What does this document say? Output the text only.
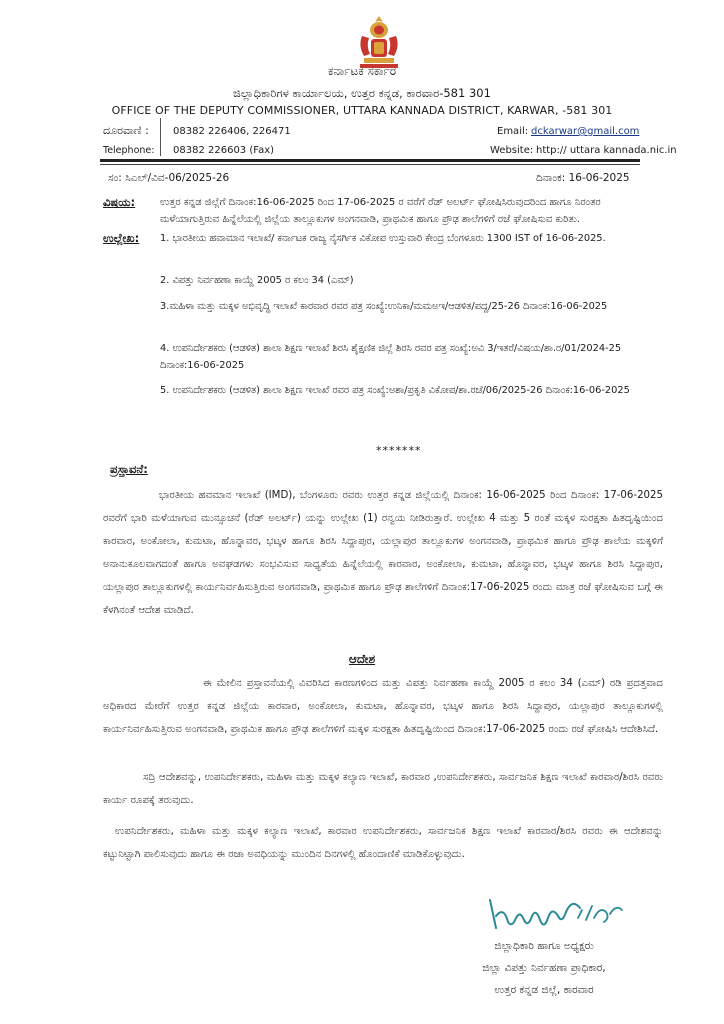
ಕರ್ನಾಟಕ ಸರ್ಕಾರ
ಜಿಲ್ಲಾಧಿಕಾರಿಗಳ ಕಾರ್ಯಾಲಯ, ಉತ್ತರ ಕನ್ನಡ, ಕಾರವಾರ-581 301
OFFICE OF THE DEPUTY COMMISSIONER, UTTARA KANNADA DISTRICT, KARWAR, -581 301
ದೂರವಾಣಿ :
Telephone:
08382 226406, 226471
08382 226603 (Fax)
Email: dckarwar@gmail.com
Website: http:// uttara kannada.nic.in
ಸಂ: ಸಿಎಲ್/ವಿವ-06/2025-26	ದಿನಾಂಕ: 16-06-2025
ವಿಷಯ: ಉತ್ತರ ಕನ್ನಡ ಜಿಲ್ಲೆಗೆ ದಿನಾಂಕ:16-06-2025 ರಿಂದ 17-06-2025 ರ ವರೆಗೆ ರೆಡ್ ಅಲರ್ಟ್ ಘೋಷಿಸಿರುವುದರಿಂದ ಹಾಗೂ ನಿರಂತರ ಮಳೆಯಾಗುತ್ತಿರುವ ಹಿನ್ನೆಲೆಯಲ್ಲಿ ಜಿಲ್ಲೆಯ ತಾಲ್ಲೂಕುಗಳ ಅಂಗನವಾಡಿ, ಪ್ರಾಥಮಿಕ ಹಾಗೂ ಪ್ರೌಢ ಶಾಲೆಗಳಿಗೆ ರಜೆ ಘೋಷಿಸುವ ಕುರಿತು.
ಉಲ್ಲೇಖ: 1. ಭಾರತೀಯ ಹವಾಮಾನ ಇಲಾಖೆ/ ಕರ್ನಾಟಕ ರಾಜ್ಯ ನೈಸರ್ಗಿಕ ವಿಕೋಪ ಉಸ್ತುವಾರಿ ಕೇಂದ್ರ ಬೆಂಗಳೂರು 1300 IST of 16-06-2025.
2. ವಿಪತ್ತು ನಿರ್ವಹಣಾ ಕಾಯ್ದೆ 2005 ರ ಕಲಂ 34 (ಎಮ್)
3.ಮಹಿಳಾ ಮತ್ತು ಮಕ್ಕಳ ಅಭಿವೃದ್ಧಿ ಇಲಾಖೆ ಕಾರವಾರ ರವರ ಪತ್ರ ಸಂಖ್ಯೆ:ಉನಿಕಾ/ಮಮಅಇ/ಆಡಳಿತ/ಪದ್ದ/25-26 ದಿನಾಂಕ:16-06-2025
4. ಉಪನಿರ್ದೇಶಕರು (ಆಡಳಿತ) ಶಾಲಾ ಶಿಕ್ಷಣ ಇಲಾಖೆ ಶಿರಸಿ ಶೈಕ್ಷಣಿಕ ಜಿಲ್ಲೆ ಶಿರಸಿ ರವರ ಪತ್ರ ಸಂಖ್ಯೆ:ಅವಿ 3/ಇತರೆ/ವಿಷಯ/ಶಾ.ರ/01/2024-25 ದಿನಾಂಕ:16-06-2025
5. ಉಪನಿರ್ದೇಶಕರು (ಆಡಳಿತ) ಶಾಲಾ ಶಿಕ್ಷಣ ಇಲಾಖೆ ರವರ ಪತ್ರ ಸಂಖ್ಯೆ:ಅಶಾ/ಪ್ರಕೃತಿ ವಿಕೋಪ/ಶಾ.ರಜೆ/06/2025-26 ದಿನಾಂಕ:16-06-2025
*******
ಪ್ರಸ್ತಾವನೆ:
ಭಾರತೀಯ ಹವಮಾನ ಇಲಾಖೆ (IMD), ಬೆಂಗಳೂರು ರವರು ಉತ್ತರ ಕನ್ನಡ ಜಿಲ್ಲೆಯಲ್ಲಿ ದಿನಾಂಕ: 16-06-2025 ರಿಂದ ದಿನಾಂಕ: 17-06-2025 ರವರೆಗೆ ಭಾರಿ ಮಳೆಯಾಗುವ ಮುನ್ಸೂಚನೆ (ರೆಡ್ ಅಲರ್ಟ್) ಯನ್ನು ಉಲ್ಲೇಖ (1) ರನ್ವಯ ನೀಡಿರುತ್ತಾರೆ. ಉಲ್ಲೇಖ 4 ಮತ್ತು 5 ರಂತೆ ಮಕ್ಕಳ ಸುರಕ್ಷತಾ ಹಿತದೃಷ್ಟಿಯಿಂದ ಕಾರವಾರ, ಅಂಕೋಲಾ, ಕುಮಟಾ, ಹೊನ್ನಾವರ, ಭಟ್ಕಳ ಹಾಗೂ ಶಿರಸಿ ಸಿದ್ದಾಪುರ, ಯಲ್ಲಾಪುರ ತಾಲ್ಲೂಕುಗಳ ಅಂಗನವಾಡಿ, ಪ್ರಾಥಮಿಕ ಹಾಗೂ ಪ್ರೌಢ ಶಾಲೆಯ ಮಕ್ಕಳಿಗೆ ಅನಾನುಕೂಲವಾಗದಂತೆ ಹಾಗೂ ಅವಘಡಗಳು ಸಂಭವಿಸುವ ಸಾಧ್ಯತೆಯ ಹಿನ್ನೆಲೆಯಲ್ಲಿ ಕಾರವಾರ, ಅಂಕೋಲಾ, ಕುಮಟಾ, ಹೊನ್ನಾವರ, ಭಟ್ಕಳ ಹಾಗೂ ಶಿರಸಿ ಸಿದ್ದಾಪುರ, ಯಲ್ಲಾಪುರ ತಾಲ್ಲೂಕುಗಳಲ್ಲಿ ಕಾರ್ಯನಿರ್ವಹಿಸುತ್ತಿರುವ ಅಂಗನವಾಡಿ, ಪ್ರಾಥಮಿಕ ಹಾಗೂ ಪ್ರೌಢ ಶಾಲೆಗಳಿಗೆ ದಿನಾಂಕ:17-06-2025 ರಂದು ಮಾತ್ರ ರಜೆ ಘೋಷಿಸುವ ಬಗ್ಗೆ ಈ ಕೆಳಗಿನಂತೆ ಆದೇಶ ಮಾಡಿದೆ.
ಆದೇಶ
ಈ ಮೇಲಿನ ಪ್ರಸ್ತಾವನೆಯಲ್ಲಿ ವಿವರಿಸಿದ ಕಾರಣಗಳಿಂದ ಮತ್ತು ವಿಪತ್ತು ನಿರ್ವಹಣಾ ಕಾಯ್ದೆ 2005 ರ ಕಲಂ 34 (ಎಮ್) ರಡಿ ಪ್ರದತ್ತವಾದ ಅಧಿಕಾರದ ಮೇರೆಗೆ ಉತ್ತರ ಕನ್ನಡ ಜಿಲ್ಲೆಯ ಕಾರವಾರ, ಅಂಕೋಲಾ, ಕುಮಟಾ, ಹೊನ್ನಾವರ, ಭಟ್ಕಳ ಹಾಗೂ ಶಿರಸಿ ಸಿದ್ದಾಪುರ, ಯಲ್ಲಾಪುರ ತಾಲ್ಲೂಕುಗಳಲ್ಲಿ ಕಾರ್ಯನಿರ್ವಹಿಸುತ್ತಿರುವ ಅಂಗನವಾಡಿ, ಪ್ರಾಥಮಿಕ ಹಾಗೂ ಪ್ರೌಢ ಶಾಲೆಗಳಿಗೆ ಮಕ್ಕಳ ಸುರಕ್ಷತಾ ಹಿತದೃಷ್ಟಿಯಿಂದ ದಿನಾಂಕ:17-06-2025 ರಂದು ರಜೆ ಘೋಷಿಸಿ ಆದೇಶಿಸಿದೆ.
ಸದ್ರಿ ಆದೇಶವನ್ನು, ಉಪನಿರ್ದೇಶಕರು, ಮಹಿಳಾ ಮತ್ತು ಮಕ್ಕಳ ಕಲ್ಯಾಣ ಇಲಾಖೆ, ಕಾರವಾರ ,ಉಪನಿರ್ದೇಶಕರು, ಸಾರ್ವಜನಿಕ ಶಿಕ್ಷಣ ಇಲಾಖೆ ಕಾರವಾರ/ಶಿರಸಿ ರವರು ಕಾರ್ಯ ರೂಪಕ್ಕೆ ತರುವುದು.
ಉಪನಿರ್ದೇಶಕರು, ಮಹಿಳಾ ಮತ್ತು ಮಕ್ಕಳ ಕಲ್ಯಾಣ ಇಲಾಖೆ, ಕಾರವಾರ ಉಪನಿರ್ದೇಶಕರು, ಸಾರ್ವಜನಿಕ ಶಿಕ್ಷಣ ಇಲಾಖೆ ಕಾರವಾರ/ಶಿರಸಿ ರವರು ಈ ಆದೇಶವನ್ನು ಕಟ್ಟುನಿಟ್ಟಾಗಿ ಪಾಲಿಸುವುದು ಹಾಗೂ ಈ ರಜಾ ಅವಧಿಯನ್ನು ಮುಂದಿನ ದಿನಗಳಲ್ಲಿ ಹೊಂದಾಣಿಕೆ ಮಾಡಿಕೊಳ್ಳುವುದು.
ಜಿಲ್ಲಾಧಿಕಾರಿ ಹಾಗೂ ಅಧ್ಯಕ್ಷರು
ಜಿಲ್ಲಾ ವಿಪತ್ತು ನಿರ್ವಹಣಾ ಪ್ರಾಧಿಕಾರ,
ಉತ್ತರ ಕನ್ನಡ ಜಿಲ್ಲೆ, ಕಾರವಾರ
